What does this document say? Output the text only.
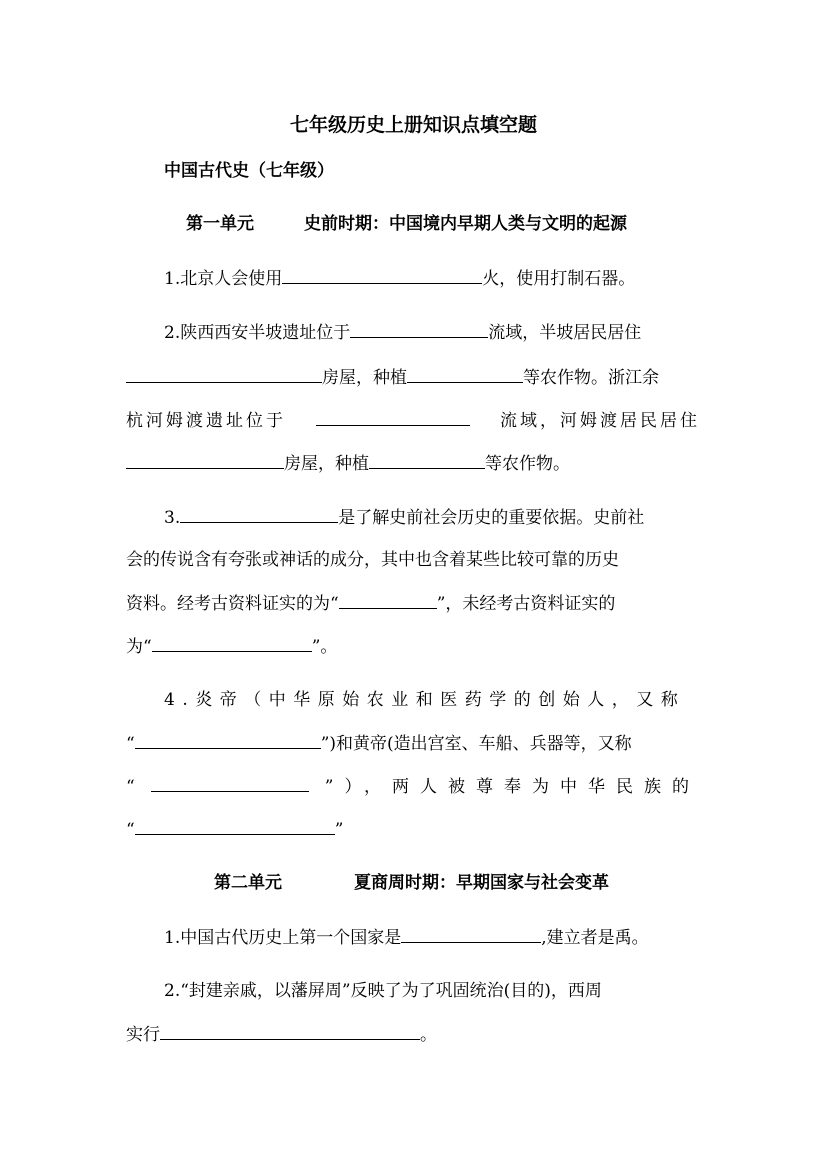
七年级历史上册知识点填空题
中国古代史（七年级）
第一单元	史前时期：中国境内早期人类与文明的起源
1.北京人会使用	火，使用打制石器。
2.陕西西安半坡遗址位于	流域，半坡居民居住
房屋，种植	等农作物。浙江余
杭河姆渡遗址位于	流域，河姆渡居民居住
房屋，种植	等农作物。
3.	是了解史前社会历史的重要依据。史前社
会的传说含有夸张或神话的成分，其中也含着某些比较可靠的历史
资料。经考古资料证实的为“	”，未经考古资料证实的
为“	”。
4.炎帝（中华原始农业和医药学的创始人，又称
“	”)和黄帝(造出宫室、车船、兵器等，又称
“	”），两人被尊奉为中华民族的
“	”
第二单元	夏商周时期：早期国家与社会变革
1.中国古代历史上第一个国家是	,建立者是禹。
2.“封建亲戚，以藩屏周”反映了为了巩固统治(目的)，西周
实行	。
